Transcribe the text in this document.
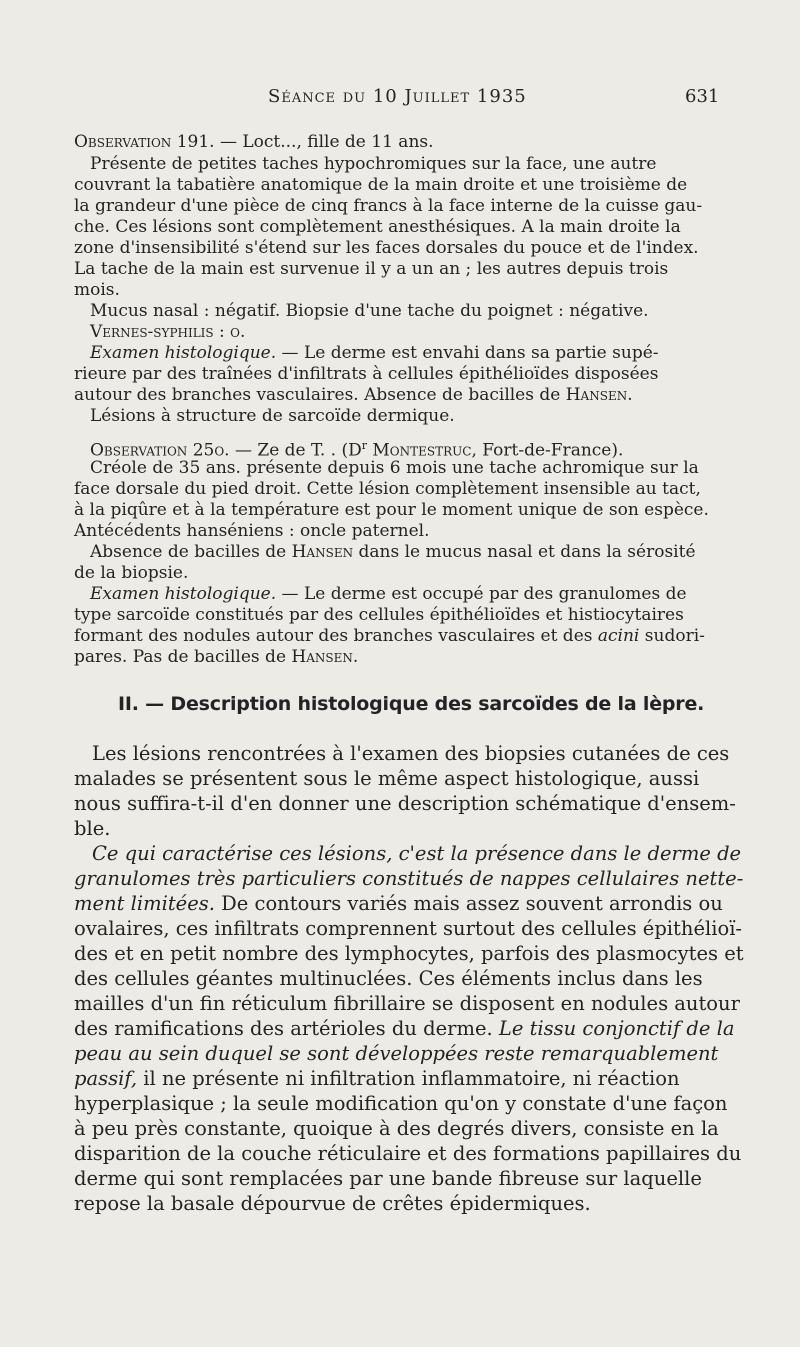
Séance du 10 Juillet 1935	631
Observation 191. — Loct..., fille de 11 ans.
Présente de petites taches hypochromiques sur la face, une autre
couvrant la tabatière anatomique de la main droite et une troisième de
la grandeur d'une pièce de cinq francs à la face interne de la cuisse gau-
che. Ces lésions sont complètement anesthésiques. A la main droite la
zone d'insensibilité s'étend sur les faces dorsales du pouce et de l'index.
La tache de la main est survenue il y a un an ; les autres depuis trois
mois.
Mucus nasal : négatif. Biopsie d'une tache du poignet : négative.
Vernes-syphilis : o.
Examen histologique. — Le derme est envahi dans sa partie supé-
rieure par des traînées d'infiltrats à cellules épithélioïdes disposées
autour des branches vasculaires. Absence de bacilles de Hansen.
Lésions à structure de sarcoïde dermique.
Observation 25o. — Ze de T. . ($D^r$ Montestruc, Fort-de-France).
Créole de 35 ans. présente depuis 6 mois une tache achromique sur la
face dorsale du pied droit. Cette lésion complètement insensible au tact,
à la piqûre et à la température est pour le moment unique de son espèce.
Antécédents hanséniens : oncle paternel.
Absence de bacilles de Hansen dans le mucus nasal et dans la sérosité
de la biopsie.
Examen histologique. — Le derme est occupé par des granulomes de
type sarcoïde constitués par des cellules épithélioïdes et histiocytaires
formant des nodules autour des branches vasculaires et des acini sudori-
pares. Pas de bacilles de Hansen.
II. — Description histologique des sarcoïdes de la lèpre.
Les lésions rencontrées à l'examen des biopsies cutanées de ces
malades se présentent sous le même aspect histologique, aussi
nous suffira-t-il d'en donner une description schématique d'ensem-
ble.
Ce qui caractérise ces lésions, c'est la présence dans le derme de
granulomes très particuliers constitués de nappes cellulaires nette-
ment limitées. De contours variés mais assez souvent arrondis ou
ovalaires, ces infiltrats comprennent surtout des cellules épithélioï-
des et en petit nombre des lymphocytes, parfois des plasmocytes et
des cellules géantes multinuclées. Ces éléments inclus dans les
mailles d'un fin réticulum fibrillaire se disposent en nodules autour
des ramifications des artérioles du derme. Le tissu conjonctif de la
peau au sein duquel se sont développées reste remarquablement
passif, il ne présente ni infiltration inflammatoire, ni réaction
hyperplasique ; la seule modification qu'on y constate d'une façon
à peu près constante, quoique à des degrés divers, consiste en la
disparition de la couche réticulaire et des formations papillaires du
derme qui sont remplacées par une bande fibreuse sur laquelle
repose la basale dépourvue de crêtes épidermiques.
